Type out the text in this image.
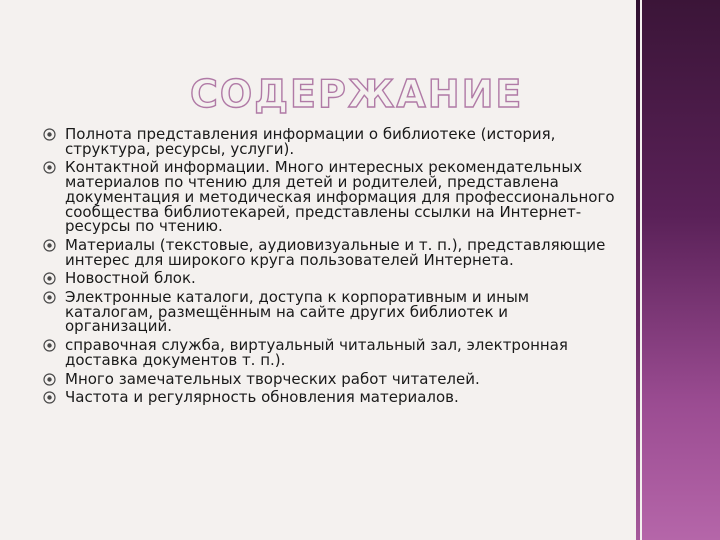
СОДЕРЖАНИЕ
Полнота представления информации о библиотеке (история, структура, ресурсы, услуги).
Контактной информации. Много интересных рекомендательных материалов по чтению для детей и родителей, представлена документация и методическая информация для профессионального сообщества библиотекарей, представлены ссылки на Интернет-ресурсы по чтению.
Материалы (текстовые, аудиовизуальные и т. п.), представляющие интерес для широкого круга пользователей Интернета.
Новостной блок.
Электронные каталоги, доступа к корпоративным и иным каталогам, размещённым на сайте других библиотек и организаций.
справочная служба, виртуальный читальный зал, электронная доставка документов т. п.).
Много замечательных творческих работ читателей.
Частота и регулярность обновления материалов.
